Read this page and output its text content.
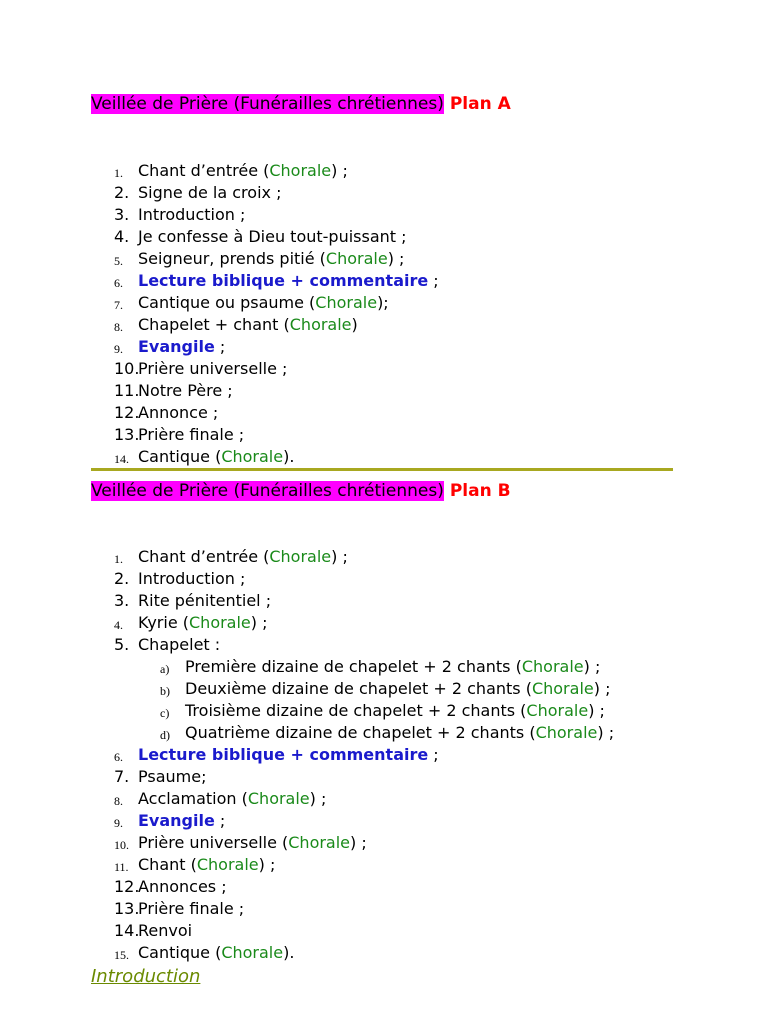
Veillée de Prière (Funérailles chrétiennes) Plan A
1. Chant d’entrée (Chorale) ;
2. Signe de la croix ;
3. Introduction ;
4. Je confesse à Dieu tout-puissant ;
5. Seigneur, prends pitié (Chorale) ;
6. Lecture biblique + commentaire ;
7. Cantique ou psaume (Chorale);
8. Chapelet + chant (Chorale)
9. Evangile ;
10.
Prière universelle ;
11.
Notre Père ;
12.
Annonce ;
13.
Prière finale ;
14. Cantique (Chorale).
Veillée de Prière (Funérailles chrétiennes) Plan B
1. Chant d’entrée (Chorale) ;
2. Introduction ;
3. Rite pénitentiel ;
4. Kyrie (Chorale) ;
5. Chapelet :
a) Première dizaine de chapelet + 2 chants (Chorale) ;
b) Deuxième dizaine de chapelet + 2 chants (Chorale) ;
c) Troisième dizaine de chapelet + 2 chants (Chorale) ;
d) Quatrième dizaine de chapelet + 2 chants (Chorale) ;
6. Lecture biblique + commentaire ;
7. Psaume;
8. Acclamation (Chorale) ;
9. Evangile ;
10. Prière universelle (Chorale) ;
11. Chant (Chorale) ;
12.
Annonces ;
13.
Prière finale ;
14.
Renvoi
15. Cantique (Chorale).
Introduction
